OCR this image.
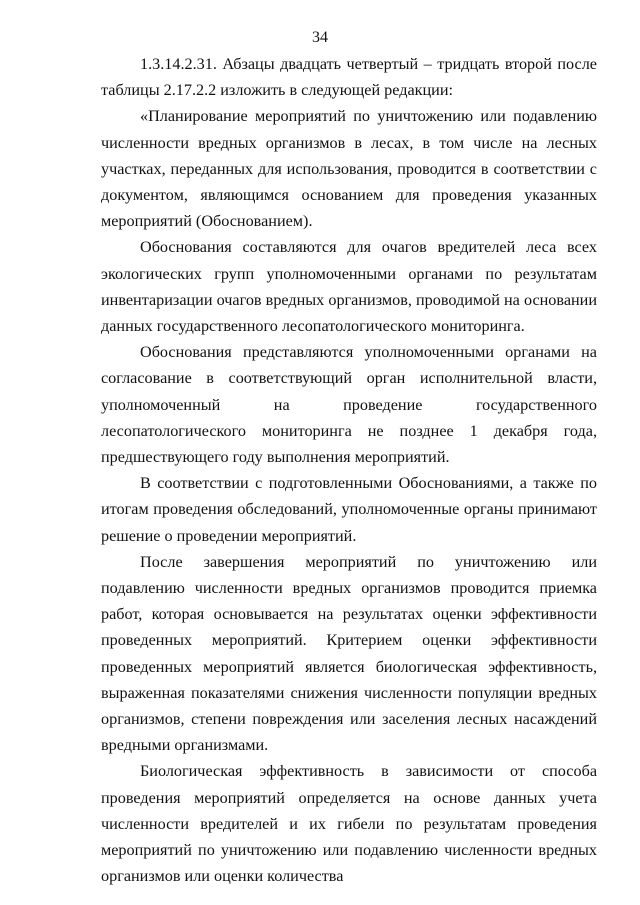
34

1.3.14.2.31. Абзацы двадцать четвертый – тридцать второй после таблицы 2.17.2.2 изложить в следующей редакции:

«Планирование мероприятий по уничтожению или подавлению численности вредных организмов в лесах, в том числе на лесных участках, переданных для использования, проводится в соответствии с документом, являющимся основанием для проведения указанных мероприятий (Обоснованием).

Обоснования составляются для очагов вредителей леса всех экологических групп уполномоченными органами по результатам инвентаризации очагов вредных организмов, проводимой на основании данных государственного лесопатологического мониторинга.

Обоснования представляются уполномоченными органами на согласование в соответствующий орган исполнительной власти, уполномоченный на проведение государственного лесопатологического мониторинга не позднее 1 декабря года, предшествующего году выполнения мероприятий.

В соответствии с подготовленными Обоснованиями, а также по итогам проведения обследований, уполномоченные органы принимают решение о проведении мероприятий.

После завершения мероприятий по уничтожению или подавлению численности вредных организмов проводится приемка работ, которая основывается на результатах оценки эффективности проведенных мероприятий. Критерием оценки эффективности проведенных мероприятий является биологическая эффективность, выраженная показателями снижения численности популяции вредных организмов, степени повреждения или заселения лесных насаждений вредными организмами.

Биологическая эффективность в зависимости от способа проведения мероприятий определяется на основе данных учета численности вредителей и их гибели по результатам проведения мероприятий по уничтожению или подавлению численности вредных организмов или оценки количества
